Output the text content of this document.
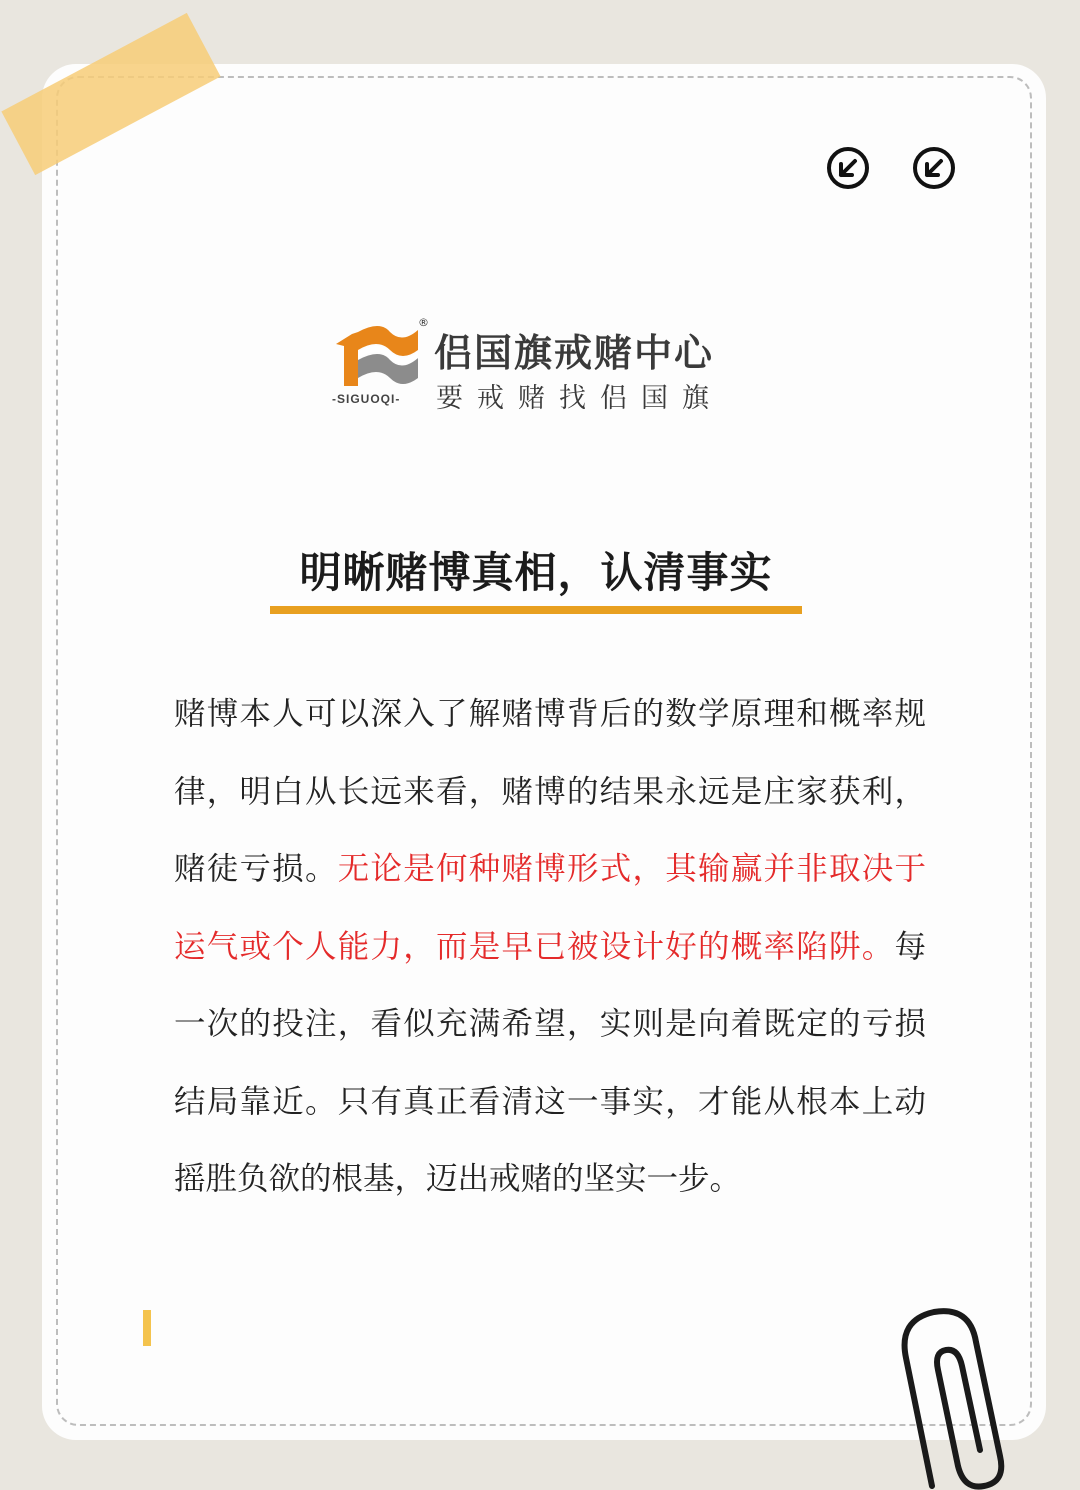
®
-SIGUOQI-
侣国旗戒赌中心
要戒赌找侣国旗
明晰赌博真相，认清事实
赌博本人可以深入了解赌博背后的数学原理和概率规律，明白从长远来看，赌博的结果永远是庄家获利，赌徒亏损。无论是何种赌博形式，其输赢并非取决于运气或个人能力，而是早已被设计好的概率陷阱。每一次的投注，看似充满希望，实则是向着既定的亏损结局靠近。只有真正看清这一事实，才能从根本上动摇胜负欲的根基，迈出戒赌的坚实一步。
